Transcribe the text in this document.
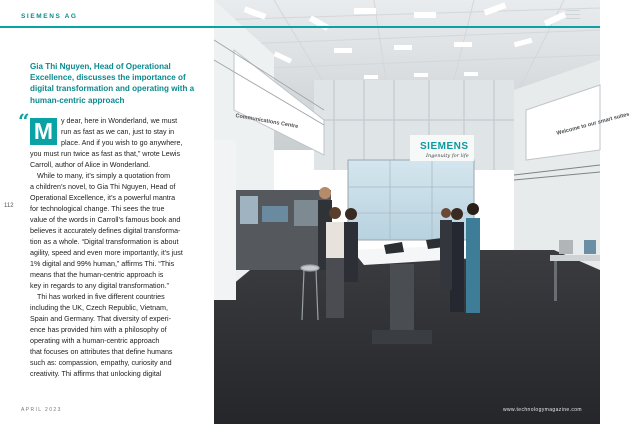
SIEMENS AG
Gia Thi Nguyen, Head of Operational Excellence, discusses the importance of digital transformation and operating with a human-centric approach
“ M	y dear, here in Wonderland, we must
run as fast as we can, just to stay in
place. And if you wish to go anywhere,
you must run twice as fast as that,” wrote Lewis
Carroll, author of Alice in Wonderland.
While to many, it’s simply a quotation from
a children’s novel, to Gia Thi Nguyen, Head of
Operational Excellence, it’s a powerful mantra
for technological change. Thi sees the true
value of the words in Carroll’s famous book and
believes it accurately defines digital transforma-
tion as a whole. “Digital transformation is about
agility, speed and even more importantly, it’s just
1% digital and 99% human,” affirms Thi. “This
means that the human-centric approach is
key in regards to any digital transformation.”
Thi has worked in five different countries
including the UK, Czech Republic, Vietnam,
Spain and Germany. That diversity of experi-
ence has provided him with a philosophy of
operating with a human-centric approach
that focuses on attributes that define humans
such as: compassion, empathy, curiosity and
creativity. Thi affirms that unlocking digital
112
APRIL 2023
Communications Centre	Welcome to our smart suites
SIEMENS
Ingenuity for life
www.technologymagazine.com
